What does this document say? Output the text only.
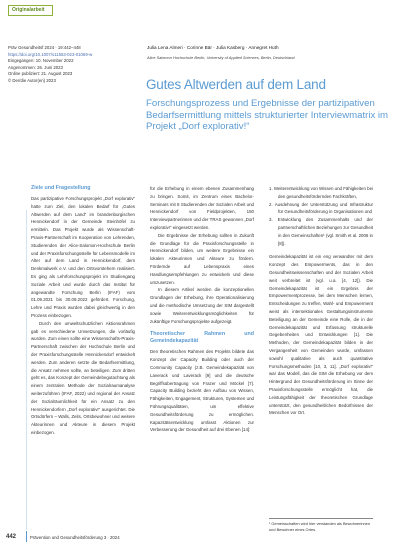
Originalarbeit
Präv Gesundheitsf 2024 · 19:442–448
https://doi.org/10.1007/s11553-023-01069-w
Eingegangen: 10. November 2022
Angenommen: 26. Juni 2023
Online publiziert: 21. August 2023
© Der/die Autor(en) 2023
Julia Lena Almeri · Corinne Bär · Julia Kasberg · Annegret Huth
Alice Salomon Hochschule Berlin, University of Applied Sciences, Berlin, Deutschland
Gutes Altwerden auf dem Land
Forschungsprozess und Ergebnisse der partizipativen Bedarfsermittlung mittels strukturierter Interviewmatrix im Projekt „Dorf explorativ!“
Ziele und Fragestellung

Das partizipative Forschungsprojekt „Dorf explorativ“ hatte zum Ziel, den lokalen Bedarf für „Gutes Altwerden auf dem Land“ im brandenburgischen Hennickendorf in der Gemeinde Steinhöfel zu ermitteln. Das Projekt wurde als Wissenschaft-Praxis-Partnerschaft im Kooperation von Lehrenden, Studierenden der Alice-Salomon-Hochschule Berlin und der Praxisforschungsstelle für Lebensmodelle im Alter auf dem Land in Hennickendorf, dem Denkmalwerk e.V. und den Ortsvorstehern realisiert. Es ging als Lehrforschungsprojekt im Studiengang Soziale Arbeit und wurde durch das Institut für angewandte Forschung Berlin (IFAF) vom 01.09.2021 bis 30.09.2022 gefördert. Forschung, Lehre und Praxis wurden dabei gleichwertig in den Prozess einbezogen.

Durch den umweltschutzlichen Aktionsrahmen gab es verschiedene Umsetzungen, die vorläufig wurden. Zum einen sollte eine Wissenschafts-Praxis-Partnerschaft zwischen der Hochschule Berlin und der Praxisforschungsstelle Hennickendorf entwickelt werden. Zum anderen setzte die Bedarfsermittlung, die Ansatz nehmen sollte, an beteiligen. Zum dritten geht es, das Konzept der Gemeindebegutachtung als einem zentralen Methode der Sozialraumanalyse weiterzuführen (IFAF, 2022) und regional der Ansatz der Sozialräumlichkeit für ein Ansatz zu den Hennickendorfern „Dorf explorativ!“ ausgerichtet. Die Ortsdörfern – Walls, Zeits, Ortsbewohner und weitere Akteurinnen und Akteure in diesem Projekt einbezogen.

für die Erhebung in einem ebenen Zusammenhang zu bringen. Somit, im Zentrum eines Bachelor-Seminars mit 8 Studierenden der Sozialen Arbeit und Hennickendorf von Fieldprojekten, 150 Interviewpartnerinnen und der TRAS gewonnen „Dorf explorativ!“ eingesetzt werden.

Die Ergebnisse der Erhebung sollten in Zukunft die Grundlage für die Praxisforschungsstelle in Hennickendorf bilden, um weitere Ergebnisse ein lokalen Akteurinnen und Akteure zu fördern. Fördernde auf Lebenspraxis eines Handlungsempfehlungen zu entwickeln und diese umzusetzen.

In diesem Artikel werden die konzeptionellen Grundlagen der Erhebung, ihre Operationalisierung und die methodische Umsetzung der SIM dargestellt sowie Weiterentwicklungsmöglichkeiten für zukünftige Forschungsprojekte aufgezeigt.

Theoretischer Rahmen und Gemeindekapazität

Den theoretischen Rahmen des Projekts bildete das Konzept der Capacity Building oder auch der Community Capacity (z.B. Gemeindekapazität von Laverack und Laverack [9] und die deutsche Begriffsübertragung von Frazer und Möckel [7]. Capacity Building bezieht den Aufbau von Wissen, Fähigkeiten, Engagement, Strukturen, Systemen und Führungsqualitäten, um effektive Gesundheitsförderung zu ermöglichen. Kapazitätsentwicklung umfasst Aktionen zur Verbesserung der Gesundheit auf drei Ebenen [14]:

1. Weiterentwicklung von Wissen und Fähigkeiten bei den gesundheitsfördernden Fachkräften,
2. Ausdehnung der Unterstützung und Infrastruktur für Gesundheitsförderung in Organisationen und
3. Entwicklung des Zusammenhalts und der partnerschaftlichen Beziehungen zur Gesundheit in den Gemeinschaften¹ (vgl. Smith et al. 2006 in [8]).

Gemeindekapazität ist ein eng verwandter mit dem Konzept des Empowerments, das in den Gesundheitswissenschaften und der Sozialen Arbeit weit verbreitet ist (vgl. u.a. [4, 12]). Die Gemeindekapazität ist ein Ergebnis der Empowermentprozesse, bei dem Menschen lernen, Entscheidungen zu treffen, Wahl- und Empowerment weist als intersektionales Gestaltungsinstrumente Beteiligung an der Gemeinde eine Rolle, die in der Gemeindekapazität und Erfassung strukturelle Gegebenheiten und Entwicklungen [1]. Die Methoden, der Gemeindekapazität bilden in der Vergangenheit von Gemeinden wurde, umfassen sowohl qualitative als auch quantitative Forschungsmethoden [10, 3, 11]. „Dorf explorativ!“ war das Modell, das die SIM die Erhebung vor dem Hintergrund der Gesundheitsförderung im Sinne der Praxisforschungsstelle ermöglicht hat, die Leistungsfähigkeit der theoretischen Grundlage unterstützt, den gesundheitlichen Bedürfnissen der Menschen vor Ort.

¹ Gemeinschaften wird hier verstanden als Bewohnerinnen und Bewohner eines Ortes.
442	Prävention und Gesundheitsförderung 3 · 2024
